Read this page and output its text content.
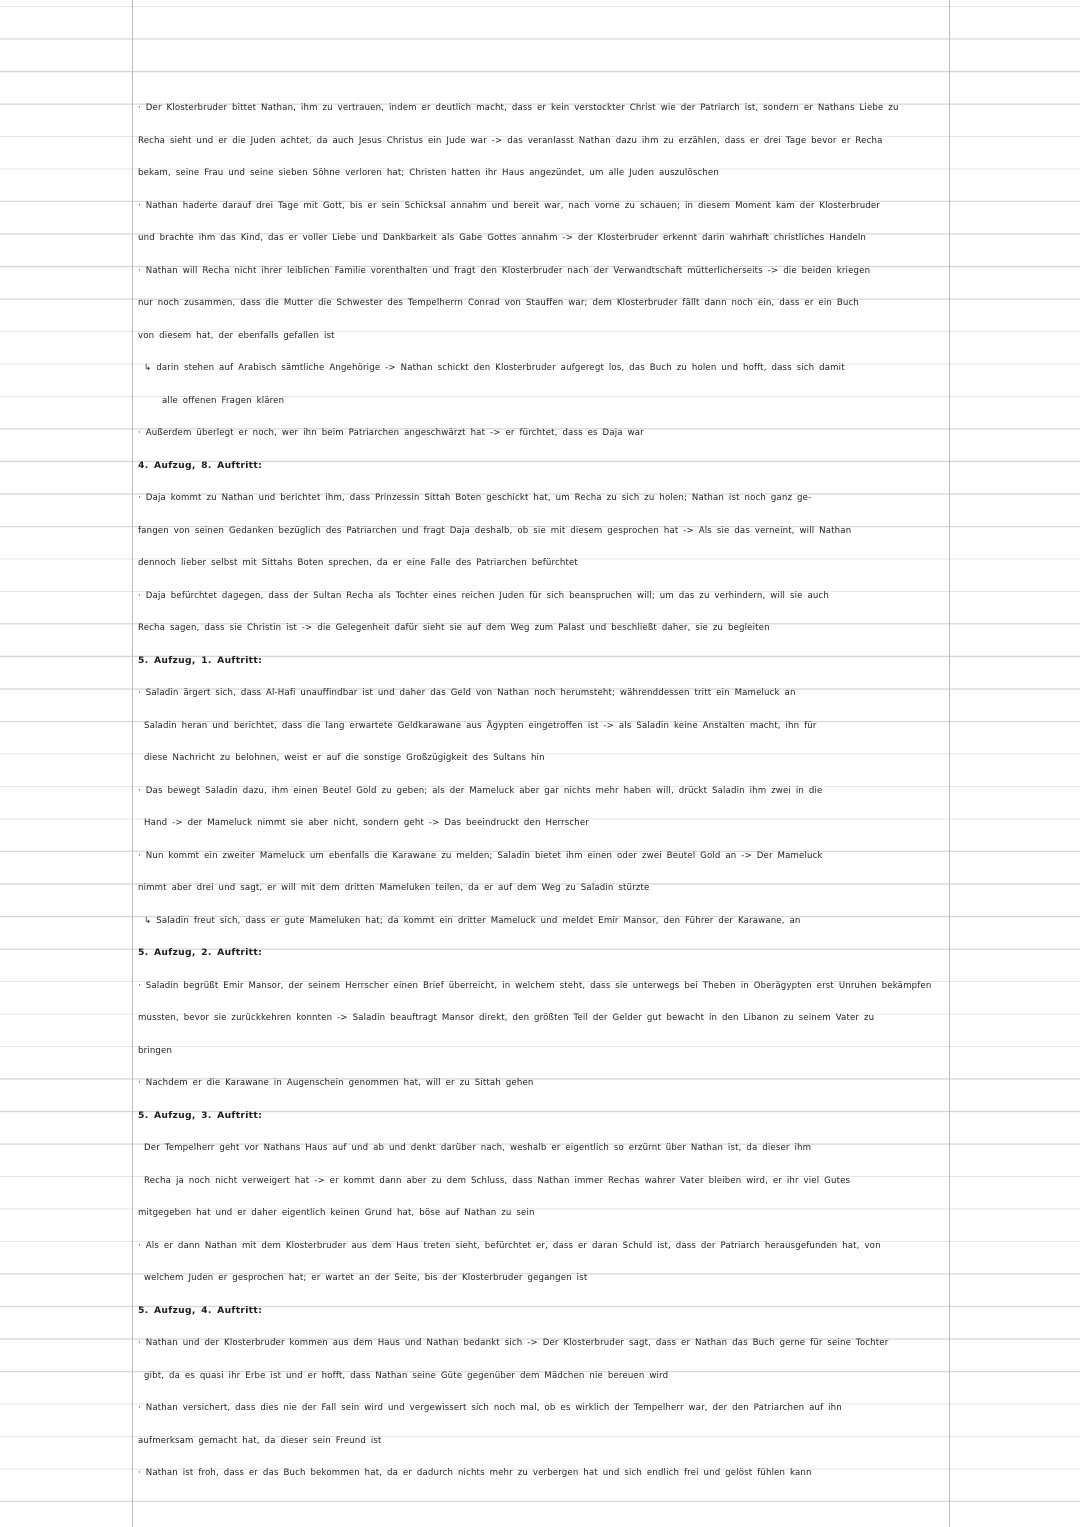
· Der Klosterbruder bittet Nathan, ihm zu vertrauen, indem er deutlich macht, dass er kein verstockter Christ wie der Patriarch ist, sondern er Nathans Liebe zu
Recha sieht und er die Juden achtet, da auch Jesus Christus ein Jude war -> das veranlasst Nathan dazu ihm zu erzählen, dass er drei Tage bevor er Recha
bekam, seine Frau und seine sieben Söhne verloren hat; Christen hatten ihr Haus angezündet, um alle Juden auszulöschen
· Nathan haderte darauf drei Tage mit Gott, bis er sein Schicksal annahm und bereit war, nach vorne zu schauen; in diesem Moment kam der Klosterbruder
und brachte ihm das Kind, das er voller Liebe und Dankbarkeit als Gabe Gottes annahm -> der Klosterbruder erkennt darin wahrhaft christliches Handeln
· Nathan will Recha nicht ihrer leiblichen Familie vorenthalten und fragt den Klosterbruder nach der Verwandtschaft mütterlicherseits -> die beiden kriegen
nur noch zusammen, dass die Mutter die Schwester des Tempelherrn Conrad von Stauffen war; dem Klosterbruder fällt dann noch ein, dass er ein Buch
von diesem hat, der ebenfalls gefallen ist
↳ darin stehen auf Arabisch sämtliche Angehörige -> Nathan schickt den Klosterbruder aufgeregt los, das Buch zu holen und hofft, dass sich damit
alle offenen Fragen klären
· Außerdem überlegt er noch, wer ihn beim Patriarchen angeschwärzt hat -> er fürchtet, dass es Daja war
4. Aufzug, 8. Auftritt:
· Daja kommt zu Nathan und berichtet ihm, dass Prinzessin Sittah Boten geschickt hat, um Recha zu sich zu holen; Nathan ist noch ganz ge-
fangen von seinen Gedanken bezüglich des Patriarchen und fragt Daja deshalb, ob sie mit diesem gesprochen hat -> Als sie das verneint, will Nathan
dennoch lieber selbst mit Sittahs Boten sprechen, da er eine Falle des Patriarchen befürchtet
· Daja befürchtet dagegen, dass der Sultan Recha als Tochter eines reichen Juden für sich beanspruchen will; um das zu verhindern, will sie auch
Recha sagen, dass sie Christin ist -> die Gelegenheit dafür sieht sie auf dem Weg zum Palast und beschließt daher, sie zu begleiten
5. Aufzug, 1. Auftritt:
· Saladin ärgert sich, dass Al-Hafi unauffindbar ist und daher das Geld von Nathan noch herumsteht; währenddessen tritt ein Mameluck an
Saladin heran und berichtet, dass die lang erwartete Geldkarawane aus Ägypten eingetroffen ist -> als Saladin keine Anstalten macht, ihn für
diese Nachricht zu belohnen, weist er auf die sonstige Großzügigkeit des Sultans hin
· Das bewegt Saladin dazu, ihm einen Beutel Gold zu geben; als der Mameluck aber gar nichts mehr haben will, drückt Saladin ihm zwei in die
Hand -> der Mameluck nimmt sie aber nicht, sondern geht -> Das beeindruckt den Herrscher
· Nun kommt ein zweiter Mameluck um ebenfalls die Karawane zu melden; Saladin bietet ihm einen oder zwei Beutel Gold an -> Der Mameluck
nimmt aber drei und sagt, er will mit dem dritten Mameluken teilen, da er auf dem Weg zu Saladin stürzte
↳ Saladin freut sich, dass er gute Mameluken hat; da kommt ein dritter Mameluck und meldet Emir Mansor, den Führer der Karawane, an
5. Aufzug, 2. Auftritt:
· Saladin begrüßt Emir Mansor, der seinem Herrscher einen Brief überreicht, in welchem steht, dass sie unterwegs bei Theben in Oberägypten erst Unruhen bekämpfen
mussten, bevor sie zurückkehren konnten -> Saladin beauftragt Mansor direkt, den größten Teil der Gelder gut bewacht in den Libanon zu seinem Vater zu
bringen
· Nachdem er die Karawane in Augenschein genommen hat, will er zu Sittah gehen
5. Aufzug, 3. Auftritt:
Der Tempelherr geht vor Nathans Haus auf und ab und denkt darüber nach, weshalb er eigentlich so erzürnt über Nathan ist, da dieser ihm
Recha ja noch nicht verweigert hat -> er kommt dann aber zu dem Schluss, dass Nathan immer Rechas wahrer Vater bleiben wird, er ihr viel Gutes
mitgegeben hat und er daher eigentlich keinen Grund hat, böse auf Nathan zu sein
· Als er dann Nathan mit dem Klosterbruder aus dem Haus treten sieht, befürchtet er, dass er daran Schuld ist, dass der Patriarch herausgefunden hat, von
welchem Juden er gesprochen hat; er wartet an der Seite, bis der Klosterbruder gegangen ist
5. Aufzug, 4. Auftritt:
· Nathan und der Klosterbruder kommen aus dem Haus und Nathan bedankt sich -> Der Klosterbruder sagt, dass er Nathan das Buch gerne für seine Tochter
gibt, da es quasi ihr Erbe ist und er hofft, dass Nathan seine Güte gegenüber dem Mädchen nie bereuen wird
· Nathan versichert, dass dies nie der Fall sein wird und vergewissert sich noch mal, ob es wirklich der Tempelherr war, der den Patriarchen auf ihn
aufmerksam gemacht hat, da dieser sein Freund ist
· Nathan ist froh, dass er das Buch bekommen hat, da er dadurch nichts mehr zu verbergen hat und sich endlich frei und gelöst fühlen kann
